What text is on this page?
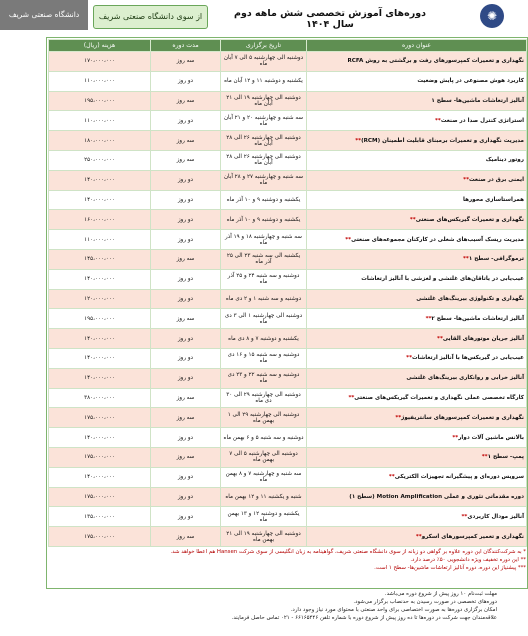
دانشگاه صنعتی شریف	از سوی دانشگاه صنعتی شریف	دوره‌های آموزش تخصصی شش ماهه دوم سال ۱۴۰۴
✺
عنوان دوره	تاریخ برگزاری	مدت دوره	هزینه (ریال)
نگهداری و تعمیرات کمپرسورهای رفت و برگشتی به روش RCFA	دوشنبه الی چهارشنبه ۵ الی ۷ آبان ماه	سه روز	۱۷۰،۰۰۰،۰۰۰
کاربرد هوش مصنوعی در پایش وضعیت	یکشنبه و دوشنبه ۱۱ و ۱۲ آبان ماه	دو روز	۱۱۰،۰۰۰،۰۰۰
آنالیز ارتعاشات ماشین‌ها- سطح ۱	دوشنبه الی چهارشنبه ۱۹ الی ۲۱ آبان ماه	سه روز	۱۹۵،۰۰۰،۰۰۰
استراتژی کنترل صدا در صنعت**	سه شنبه و چهارشنبه ۲۰ و ۲۱ آبان ماه	دو روز	۱۱۰،۰۰۰،۰۰۰
مدیریت نگهداری و تعمیرات برمبنای قابلیت اطمینان (RCM)**	دوشنبه الی چهارشنبه ۲۶ الی ۲۸ آبان ماه	سه روز	۱۸۰،۰۰۰،۰۰۰
روتور دینامیک	دوشنبه الی چهارشنبه ۲۶ الی ۲۸ آبان ماه	سه روز	۲۵۰،۰۰۰،۰۰۰
ایمنی برق در صنعت**	سه شنبه و چهارشنبه ۲۷ و ۲۸ آبان ماه	دو روز	۱۴۰،۰۰۰،۰۰۰
همراستاسازی محورها	یکشنبه و دوشنبه ۹ و ۱۰ آذر ماه	دو روز	۱۴۰،۰۰۰،۰۰۰
نگهداری و تعمیرات گیربکس‌های صنعتی**	یکشنبه و دوشنبه ۹ و ۱۰ آذر ماه	دو روز	۱۶۰،۰۰۰،۰۰۰
مدیریت ریسک آسیب‌های شغلی در کارکنان مجموعه‌های صنعتی**	سه شنبه و چهارشنبه ۱۸ و ۱۹ آذر ماه	دو روز	۱۱۰،۰۰۰،۰۰۰
ترموگرافی- سطح ۱**	یکشنبه الی سه شنبه ۲۳ الی ۲۵ آذر ماه	سه روز	۱۴۵،۰۰۰،۰۰۰
عیب‌یابی در یاتاقان‌های غلتشی و لغزشی با آنالیز ارتعاشات	دوشنبه و سه شنبه ۲۴ و ۲۵ آذر ماه	دو روز	۱۴۰،۰۰۰،۰۰۰
نگهداری و تکنولوژی بیرینگ‌های غلتشی	دوشنبه و سه شنبه ۱ و ۲ دی ماه	دو روز	۱۲۰،۰۰۰،۰۰۰
آنالیز ارتعاشات ماشین‌ها- سطح ۲**	دوشنبه الی چهارشنبه ۱ الی ۳ دی ماه	سه روز	۱۹۵،۰۰۰،۰۰۰
آنالیز جریان موتورهای القایی**	یکشنبه و دوشنبه ۷ و ۸ دی ماه	دو روز	۱۴۰،۰۰۰،۰۰۰
عیب‌یابی در گیربکس‌ها با آنالیز ارتعاشات**	دوشنبه و سه شنبه ۱۵ و ۱۶ دی ماه	دو روز	۱۴۰،۰۰۰،۰۰۰
آنالیز خرابی و روانکاری بیرینگ‌های غلتشی	دوشنبه و سه شنبه ۲۲ و ۲۳ دی ماه	دو روز	۱۴۰،۰۰۰،۰۰۰
کارگاه تخصصی عملی نگهداری و تعمیرات گیربکس‌های صنعتی**	دوشنبه الی چهارشنبه ۲۹ الی ۳۰ دی ماه	سه روز	۳۸۰،۰۰۰،۰۰۰
نگهداری و تعمیرات کمپرسورهای سانتریفیوژ**	دوشنبه الی چهارشنبه ۲۹ الی ۱ بهمن ماه	سه روز	۱۷۵،۰۰۰،۰۰۰
بالانس ماشین آلات دوار**	دوشنبه و سه شنبه ۵ و ۶ بهمن ماه	دو روز	۱۴۰،۰۰۰،۰۰۰
پمپ- سطح ۱**	دوشنبه الی چهارشنبه ۵ الی ۷ بهمن ماه	سه روز	۱۷۵،۰۰۰،۰۰۰
سرویس دوره‌ای و پیشگیرانه تجهیزات الکتریکی**	سه شنبه و چهارشنبه ۷ و ۸ بهمن ماه	دو روز	۱۴۰،۰۰۰،۰۰۰
دوره مقدماتی تئوری و عملی Motion Amplification (سطح ۱)	شنبه و یکشنبه ۱۱ و ۱۲ بهمن ماه	دو روز	۱۷۵،۰۰۰،۰۰۰
آنالیز مودال کاربردی**	یکشنبه و دوشنبه ۱۲ و ۱۳ بهمن ماه	دو روز	۱۳۵،۰۰۰،۰۰۰
نگهداری و تعمیر کمپرسورهای اسکرو**	دوشنبه الی چهارشنبه ۱۹ الی ۲۱ بهمن ماه	سه روز	۱۷۵،۰۰۰،۰۰۰
* به شرکت‌کنندگان این دوره علاوه بر گواهی دو زبانه از سوی دانشگاه صنعتی شریف، گواهینامه به زبان انگلیسی از سوی شرکت Hansen هم اعطا خواهد شد.
** این دوره تخفیف ویژه دانشجویی ۵۰٪ درصد دارد.
*** پیشنیاز این دوره، دوره آنالیز ارتعاشات ماشین‌ها- سطح ۱ است.
مهلت ثبت‌نام ۱۰ روز پیش از شروع دوره می‌باشد.
دوره‌های تخصصی در صورت رسیدن به حدنصاب برگزار می‌شود.
امکان برگزاری دوره‌ها به صورت اختصاصی برای واحد صنعتی با محتوای مورد نیاز وجود دارد.
علاقه‌مندان جهت شرکت در دوره‌ها تا ده روز پیش از شروع دوره با شماره تلفن ۶۶۱۶۵۴۴۶ - ۰۲۱ تماس حاصل فرمایند.
